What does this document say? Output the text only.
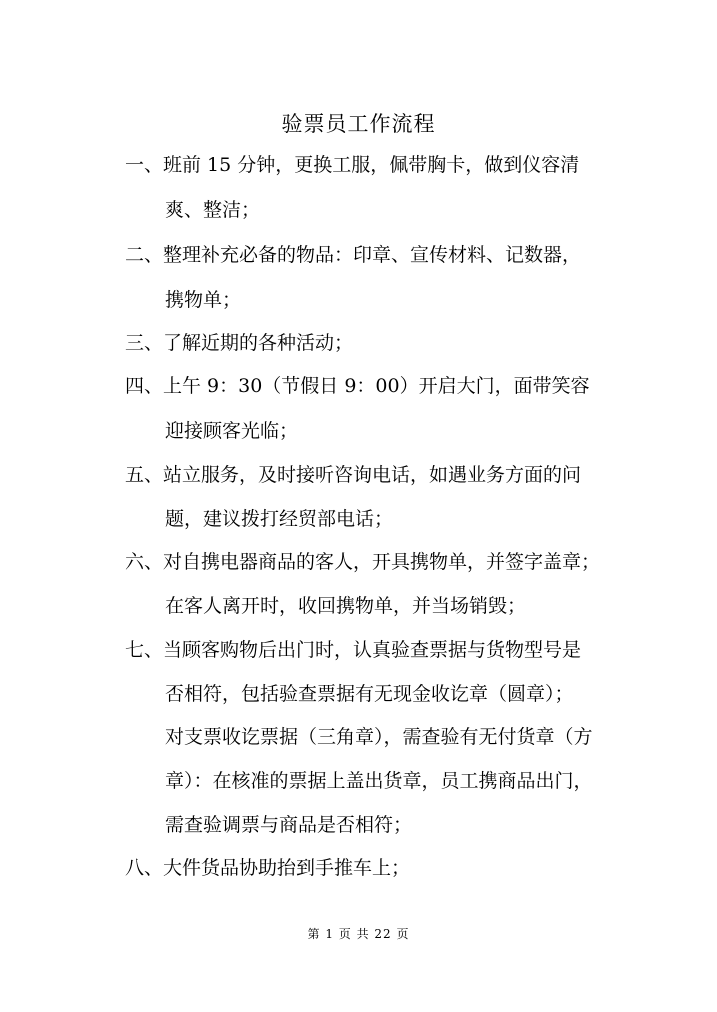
验票员工作流程
一、班前 15 分钟，更换工服，佩带胸卡，做到仪容清
爽、整洁；
二、整理补充必备的物品：印章、宣传材料、记数器，
携物单；
三、了解近期的各种活动；
四、上午 9：30（节假日 9：00）开启大门，面带笑容
迎接顾客光临；
五、站立服务，及时接听咨询电话，如遇业务方面的问
题，建议拨打经贸部电话；
六、对自携电器商品的客人，开具携物单，并签字盖章；
在客人离开时，收回携物单，并当场销毁；
七、当顾客购物后出门时，认真验查票据与货物型号是
否相符，包括验查票据有无现金收讫章（圆章）；
对支票收讫票据（三角章），需查验有无付货章（方
章）：在核准的票据上盖出货章，员工携商品出门，
需查验调票与商品是否相符；
八、大件货品协助抬到手推车上；
第 1 页 共 22 页
